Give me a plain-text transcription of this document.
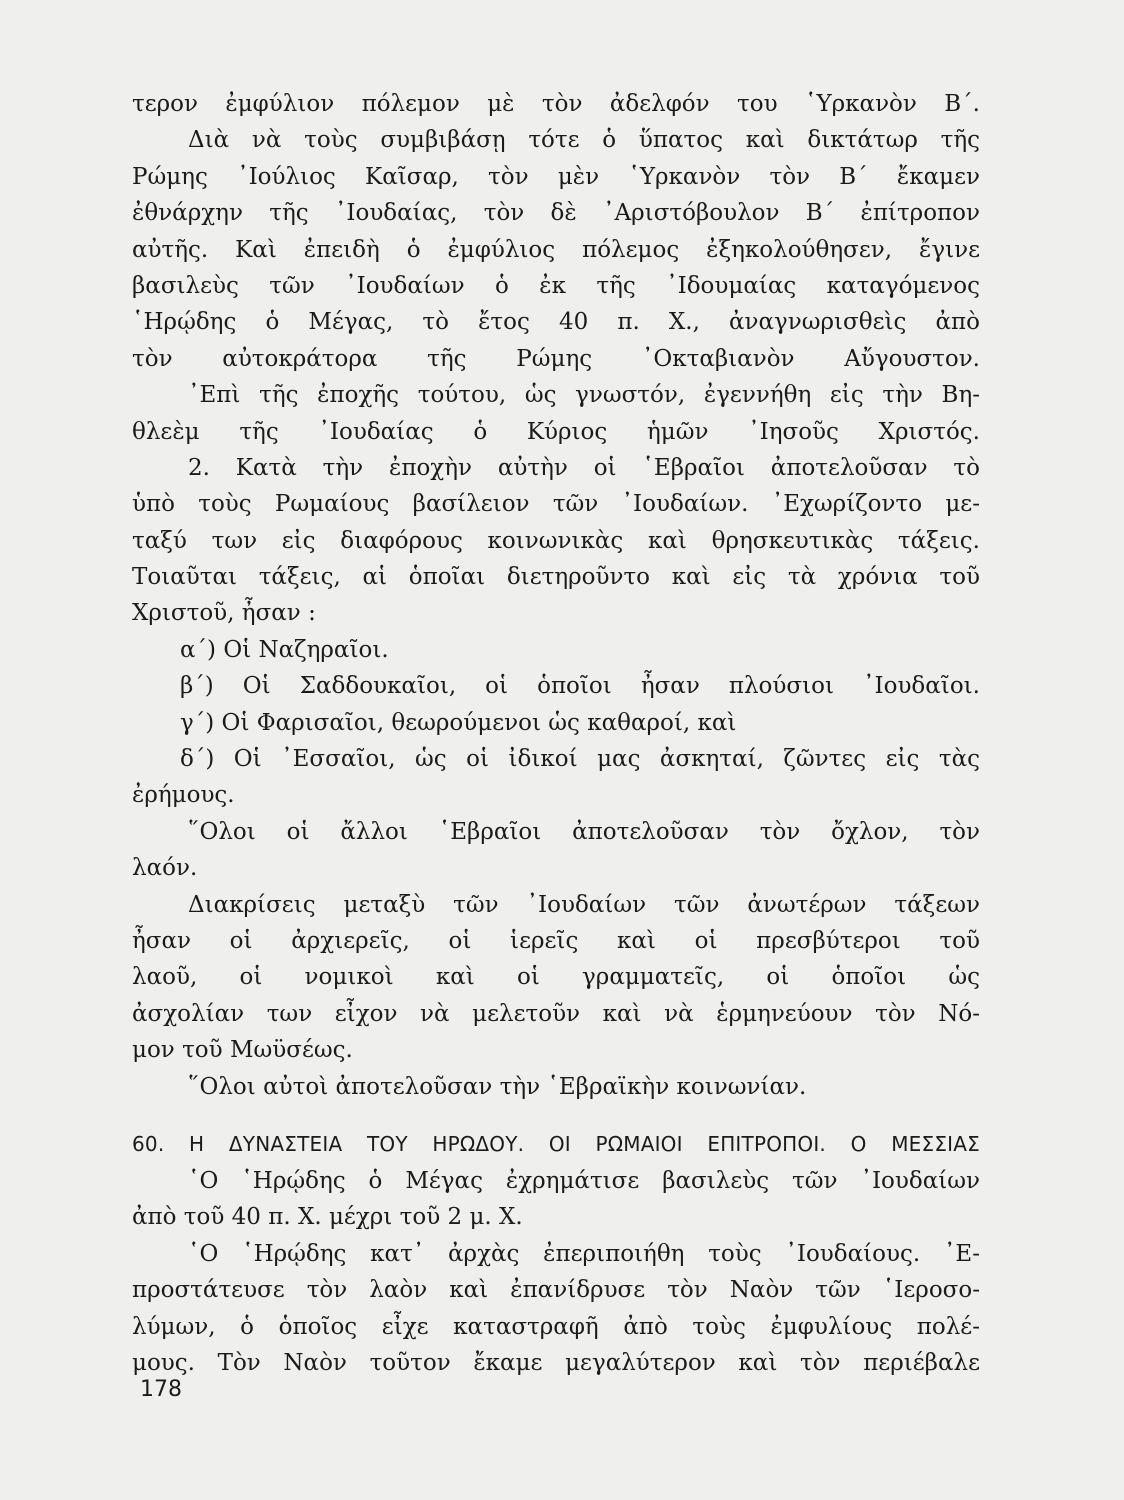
τερον ἐμφύλιον πόλεμον μὲ τὸν ἀδελφόν του ῾Υρκανὸν Β΄.
Διὰ νὰ τοὺς συμβιβάσῃ τότε ὁ ὕπατος καὶ δικτάτωρ τῆς
Ρώμης ᾿Ιούλιος Καῖσαρ, τὸν μὲν ῾Υρκανὸν τὸν Β΄ ἔκαμεν
ἐθνάρχην τῆς ᾿Ιουδαίας, τὸν δὲ ᾿Αριστόβουλον Β΄ ἐπίτροπον
αὐτῆς. Καὶ ἐπειδὴ ὁ ἐμφύλιος πόλεμος ἐξηκολούθησεν, ἔγινε
βασιλεὺς τῶν ᾿Ιουδαίων ὁ ἐκ τῆς ᾿Ιδουμαίας καταγόμενος
῾Ηρῴδης ὁ Μέγας, τὸ ἔτος 40 π. Χ., ἀναγνωρισθεὶς ἀπὸ
τὸν αὐτοκράτορα τῆς Ρώμης ᾿Οκταβιανὸν Αὔγουστον.
᾿Επὶ τῆς ἐποχῆς τούτου, ὡς γνωστόν, ἐγεννήθη εἰς τὴν Βη-
θλεὲμ τῆς ᾿Ιουδαίας ὁ Κύριος ἡμῶν ᾿Ιησοῦς Χριστός.
2. Κατὰ τὴν ἐποχὴν αὐτὴν οἱ ῾Εβραῖοι ἀποτελοῦσαν τὸ
ὑπὸ τοὺς Ρωμαίους βασίλειον τῶν ᾿Ιουδαίων. ᾿Εχωρίζοντο με-
ταξύ των εἰς διαφόρους κοινωνικὰς καὶ θρησκευτικὰς τάξεις.
Τοιαῦται τάξεις, αἱ ὁποῖαι διετηροῦντο καὶ εἰς τὰ χρόνια τοῦ
Χριστοῦ, ἦσαν :
α΄) Οἱ Ναζηραῖοι.
β΄) Οἱ Σαδδουκαῖοι, οἱ ὁποῖοι ἦσαν πλούσιοι ᾿Ιουδαῖοι.
γ΄) Οἱ Φαρισαῖοι, θεωρούμενοι ὡς καθαροί, καὶ
δ΄) Οἱ ᾿Εσσαῖοι, ὡς οἱ ἰδικοί μας ἀσκηταί, ζῶντες εἰς τὰς
ἐρήμους.
῞Ολοι οἱ ἄλλοι ῾Εβραῖοι ἀποτελοῦσαν τὸν ὄχλον, τὸν
λαόν.
Διακρίσεις μεταξὺ τῶν ᾿Ιουδαίων τῶν ἀνωτέρων τάξεων
ἦσαν οἱ ἀρχιερεῖς, οἱ ἱερεῖς καὶ οἱ πρεσβύτεροι τοῦ
λαοῦ, οἱ νομικοὶ καὶ οἱ γραμματεῖς, οἱ ὁποῖοι ὡς
ἀσχολίαν των εἶχον νὰ μελετοῦν καὶ νὰ ἑρμηνεύουν τὸν Νό-
μον τοῦ Μωϋσέως.
῞Ολοι αὐτοὶ ἀποτελοῦσαν τὴν ῾Εβραϊκὴν κοινωνίαν.
60. Η ΔΥΝΑΣΤΕΙΑ ΤΟΥ ΗΡΩΔΟΥ. ΟΙ ΡΩΜΑΙΟΙ ΕΠΙΤΡΟΠΟΙ. Ο ΜΕΣΣΙΑΣ
῾Ο ῾Ηρῴδης ὁ Μέγας ἐχρημάτισε βασιλεὺς τῶν ᾿Ιουδαίων
ἀπὸ τοῦ 40 π. Χ. μέχρι τοῦ 2 μ. Χ.
῾Ο ῾Ηρῴδης κατ᾿ ἀρχὰς ἐπεριποιήθη τοὺς ᾿Ιουδαίους. ᾿Ε-
προστάτευσε τὸν λαὸν καὶ ἐπανίδρυσε τὸν Ναὸν τῶν ῾Ιεροσο-
λύμων, ὁ ὁποῖος εἶχε καταστραφῆ ἀπὸ τοὺς ἐμφυλίους πολέ-
μους. Τὸν Ναὸν τοῦτον ἔκαμε μεγαλύτερον καὶ τὸν περιέβαλε
178
